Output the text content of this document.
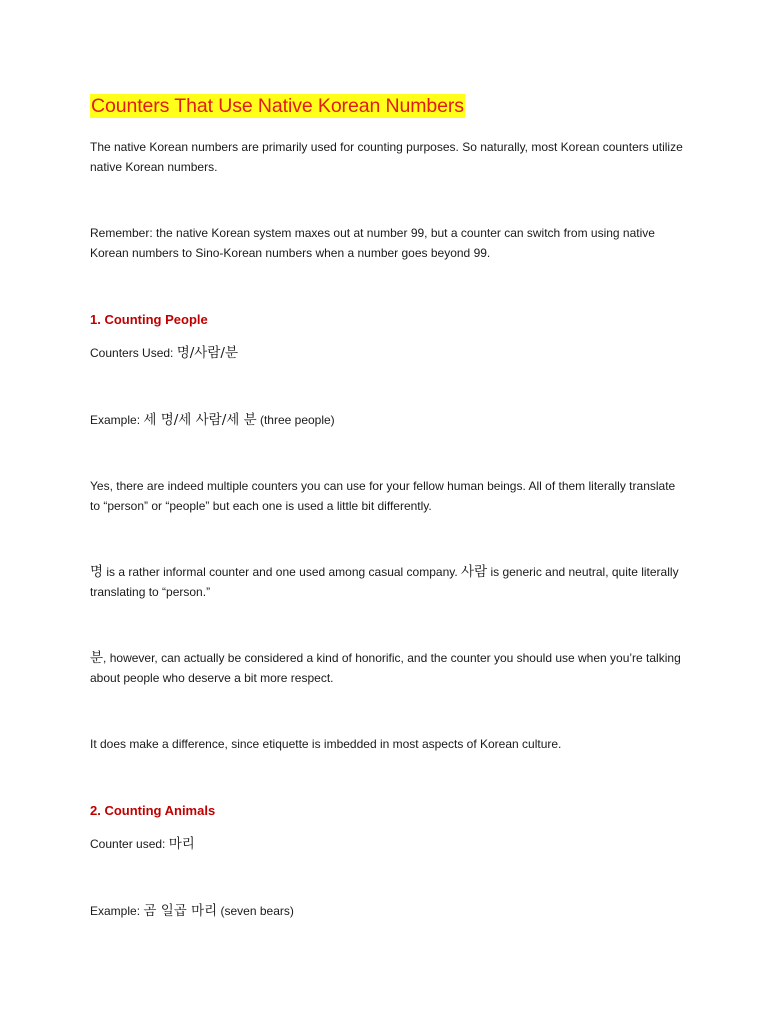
Counters That Use Native Korean Numbers

The native Korean numbers are primarily used for counting purposes. So naturally, most Korean counters utilize native Korean numbers.

Remember: the native Korean system maxes out at number 99, but a counter can switch from using native Korean numbers to Sino-Korean numbers when a number goes beyond 99.

1. Counting People

Counters Used: 명/사람/분

Example: 세 명/세 사람/세 분 (three people)

Yes, there are indeed multiple counters you can use for your fellow human beings. All of them literally translate to “person” or “people” but each one is used a little bit differently.

명 is a rather informal counter and one used among casual company. 사람 is generic and neutral, quite literally translating to “person.”

분, however, can actually be considered a kind of honorific, and the counter you should use when you’re talking about people who deserve a bit more respect.

It does make a difference, since etiquette is imbedded in most aspects of Korean culture.

2. Counting Animals

Counter used: 마리

Example: 곰 일곱 마리 (seven bears)
